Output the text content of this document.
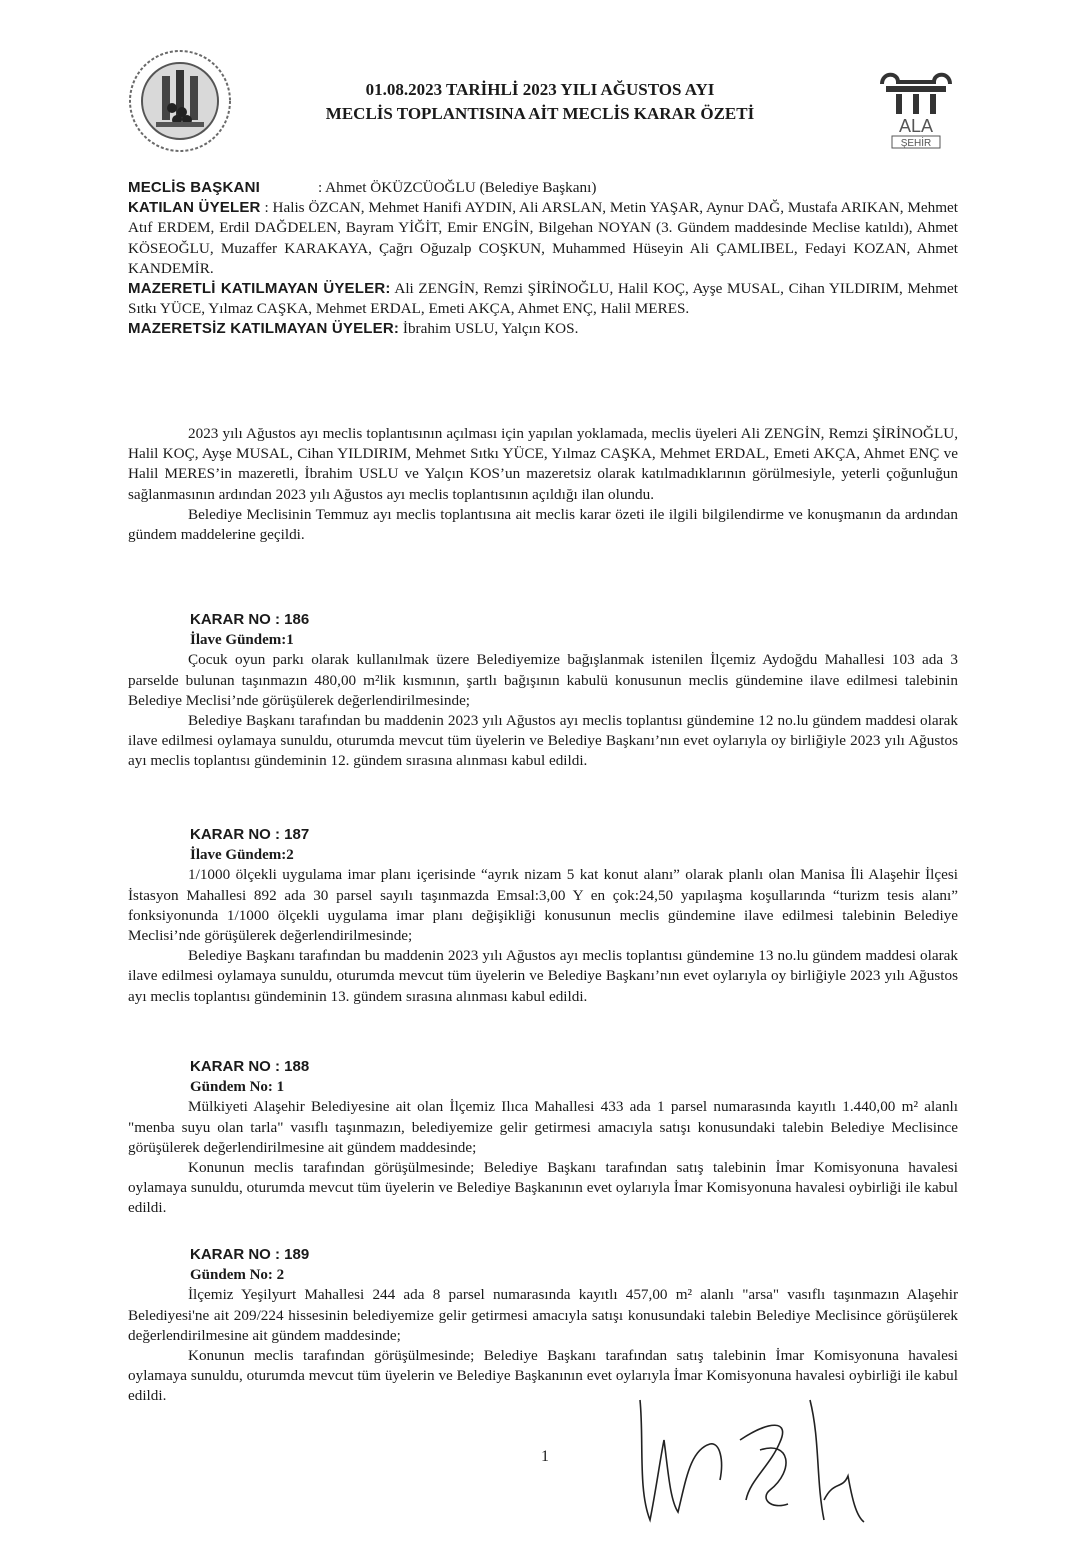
01.08.2023 TARİHLİ 2023 YILI AĞUSTOS AYI
MECLİS TOPLANTISINA AİT MECLİS KARAR ÖZETİ
ALA
ŞEHİR

MECLİS BAŞKANI	: Ahmet ÖKÜZCÜOĞLU (Belediye Başkanı)

KATILAN ÜYELER : Halis ÖZCAN, Mehmet Hanifi AYDIN, Ali ARSLAN, Metin YAŞAR, Aynur DAĞ, Mustafa ARIKAN, Mehmet Atıf ERDEM, Erdil DAĞDELEN, Bayram YİĞİT, Emir ENGİN, Bilgehan NOYAN (3. Gündem maddesinde Meclise katıldı), Ahmet KÖSEOĞLU, Muzaffer KARAKAYA, Çağrı Oğuzalp COŞKUN, Muhammed Hüseyin Ali ÇAMLIBEL, Fedayi KOZAN, Ahmet KANDEMİR.

MAZERETLİ KATILMAYAN ÜYELER: Ali ZENGİN, Remzi ŞİRİNOĞLU, Halil KOÇ, Ayşe MUSAL, Cihan YILDIRIM, Mehmet Sıtkı YÜCE, Yılmaz CAŞKA, Mehmet ERDAL, Emeti AKÇA, Ahmet ENÇ, Halil MERES.

MAZERETSİZ KATILMAYAN ÜYELER: İbrahim USLU, Yalçın KOS.

2023 yılı Ağustos ayı meclis toplantısının açılması için yapılan yoklamada, meclis üyeleri Ali ZENGİN, Remzi ŞİRİNOĞLU, Halil KOÇ, Ayşe MUSAL, Cihan YILDIRIM, Mehmet Sıtkı YÜCE, Yılmaz CAŞKA, Mehmet ERDAL, Emeti AKÇA, Ahmet ENÇ ve Halil MERES’in mazeretli, İbrahim USLU ve Yalçın KOS’un mazeretsiz olarak katılmadıklarının görülmesiyle, yeterli çoğunluğun sağlanmasının ardından 2023 yılı Ağustos ayı meclis toplantısının açıldığı ilan olundu.

Belediye Meclisinin Temmuz ayı meclis toplantısına ait meclis karar özeti ile ilgili bilgilendirme ve konuşmanın da ardından gündem maddelerine geçildi.

KARAR NO : 186
İlave Gündem:1

Çocuk oyun parkı olarak kullanılmak üzere Belediyemize bağışlanmak istenilen İlçemiz Aydoğdu Mahallesi 103 ada 3 parselde bulunan taşınmazın 480,00 m²lik kısmının, şartlı bağışının kabulü konusunun meclis gündemine ilave edilmesi talebinin Belediye Meclisi’nde görüşülerek değerlendirilmesinde;

Belediye Başkanı tarafından bu maddenin 2023 yılı Ağustos ayı meclis toplantısı gündemine 12 no.lu gündem maddesi olarak ilave edilmesi oylamaya sunuldu, oturumda mevcut tüm üyelerin ve Belediye Başkanı’nın evet oylarıyla oy birliğiyle 2023 yılı Ağustos ayı meclis toplantısı gündeminin 12. gündem sırasına alınması kabul edildi.

KARAR NO : 187
İlave Gündem:2

1/1000 ölçekli uygulama imar planı içerisinde “ayrık nizam 5 kat konut alanı” olarak planlı olan Manisa İli Alaşehir İlçesi İstasyon Mahallesi 892 ada 30 parsel sayılı taşınmazda Emsal:3,00 Y en çok:24,50 yapılaşma koşullarında “turizm tesis alanı” fonksiyonunda 1/1000 ölçekli uygulama imar planı değişikliği konusunun meclis gündemine ilave edilmesi talebinin Belediye Meclisi’nde görüşülerek değerlendirilmesinde;

Belediye Başkanı tarafından bu maddenin 2023 yılı Ağustos ayı meclis toplantısı gündemine 13 no.lu gündem maddesi olarak ilave edilmesi oylamaya sunuldu, oturumda mevcut tüm üyelerin ve Belediye Başkanı’nın evet oylarıyla oy birliğiyle 2023 yılı Ağustos ayı meclis toplantısı gündeminin 13. gündem sırasına alınması kabul edildi.

KARAR NO : 188
Gündem No: 1

Mülkiyeti Alaşehir Belediyesine ait olan İlçemiz Ilıca Mahallesi 433 ada 1 parsel numarasında kayıtlı 1.440,00 m² alanlı "menba suyu olan tarla" vasıflı taşınmazın, belediyemize gelir getirmesi amacıyla satışı konusundaki talebin Belediye Meclisince görüşülerek değerlendirilmesine ait gündem maddesinde;

Konunun meclis tarafından görüşülmesinde; Belediye Başkanı tarafından satış talebinin İmar Komisyonuna havalesi oylamaya sunuldu, oturumda mevcut tüm üyelerin ve Belediye Başkanının evet oylarıyla İmar Komisyonuna havalesi oybirliği ile kabul edildi.

KARAR NO : 189
Gündem No: 2

İlçemiz Yeşilyurt Mahallesi 244 ada 8 parsel numarasında kayıtlı 457,00 m² alanlı "arsa" vasıflı taşınmazın Alaşehir Belediyesi'ne ait 209/224 hissesinin belediyemize gelir getirmesi amacıyla satışı konusundaki talebin Belediye Meclisince görüşülerek değerlendirilmesine ait gündem maddesinde;

Konunun meclis tarafından görüşülmesinde; Belediye Başkanı tarafından satış talebinin İmar Komisyonuna havalesi oylamaya sunuldu, oturumda mevcut tüm üyelerin ve Belediye Başkanının evet oylarıyla İmar Komisyonuna havalesi oybirliği ile kabul edildi.

1
